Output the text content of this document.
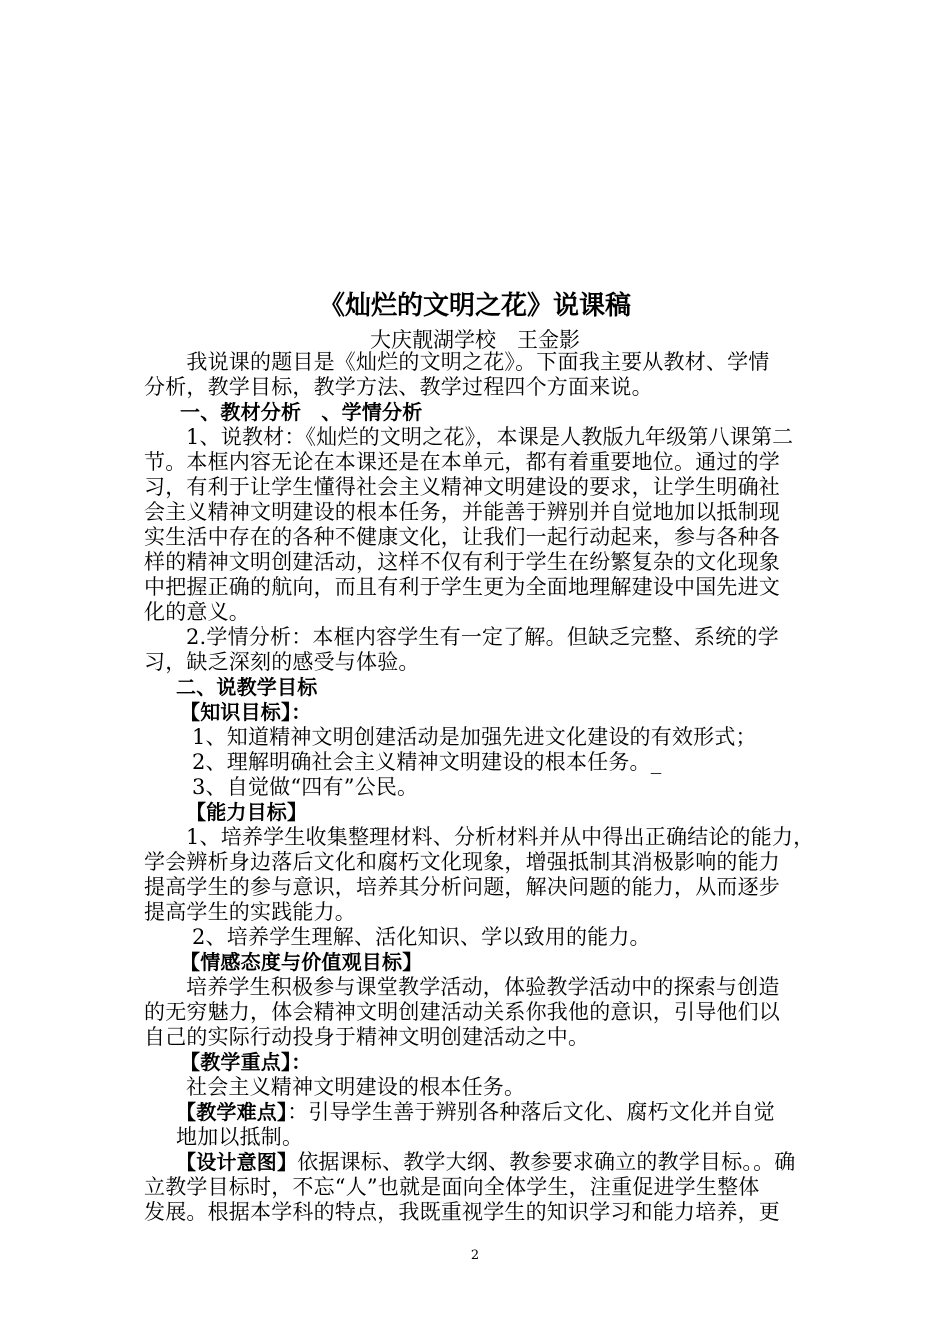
《灿烂的文明之花》说课稿
大庆靓湖学校　王金影
　　我说课的题目是《灿烂的文明之花》。下面我主要从教材、学情
分析，教学目标，教学方法、教学过程四个方面来说。
一、教材分析　、学情分析
1、说教材：《灿烂的文明之花》，本课是人教版九年级第八课第二
节。本框内容无论在本课还是在本单元，都有着重要地位。通过的学
习，有利于让学生懂得社会主义精神文明建设的要求，让学生明确社
会主义精神文明建设的根本任务，并能善于辨别并自觉地加以抵制现
实生活中存在的各种不健康文化，让我们一起行动起来，参与各种各
样的精神文明创建活动，这样不仅有利于学生在纷繁复杂的文化现象
中把握正确的航向，而且有利于学生更为全面地理解建设中国先进文
化的意义。
2.学情分析：本框内容学生有一定了解。但缺乏完整、系统的学
习，缺乏深刻的感受与体验。
二、说教学目标
【知识目标】：
1、知道精神文明创建活动是加强先进文化建设的有效形式；
2、理解明确社会主义精神文明建设的根本任务。_
3、自觉做“四有”公民。
【能力目标】
1、培养学生收集整理材料、分析材料并从中得出正确结论的能力，
学会辨析身边落后文化和腐朽文化现象，增强抵制其消极影响的能力
提高学生的参与意识，培养其分析问题，解决问题的能力，从而逐步
提高学生的实践能力。
2、培养学生理解、活化知识、学以致用的能力。
【情感态度与价值观目标】
培养学生积极参与课堂教学活动，体验教学活动中的探索与创造
的无穷魅力，体会精神文明创建活动关系你我他的意识，引导他们以
自己的实际行动投身于精神文明创建活动之中。
【教学重点】：
社会主义精神文明建设的根本任务。
【教学难点】：引导学生善于辨别各种落后文化、腐朽文化并自觉
地加以抵制。
【设计意图】依据课标、教学大纲、教参要求确立的教学目标。。确
立教学目标时，不忘“人”也就是面向全体学生，注重促进学生整体
发展。根据本学科的特点，我既重视学生的知识学习和能力培养，更
2
